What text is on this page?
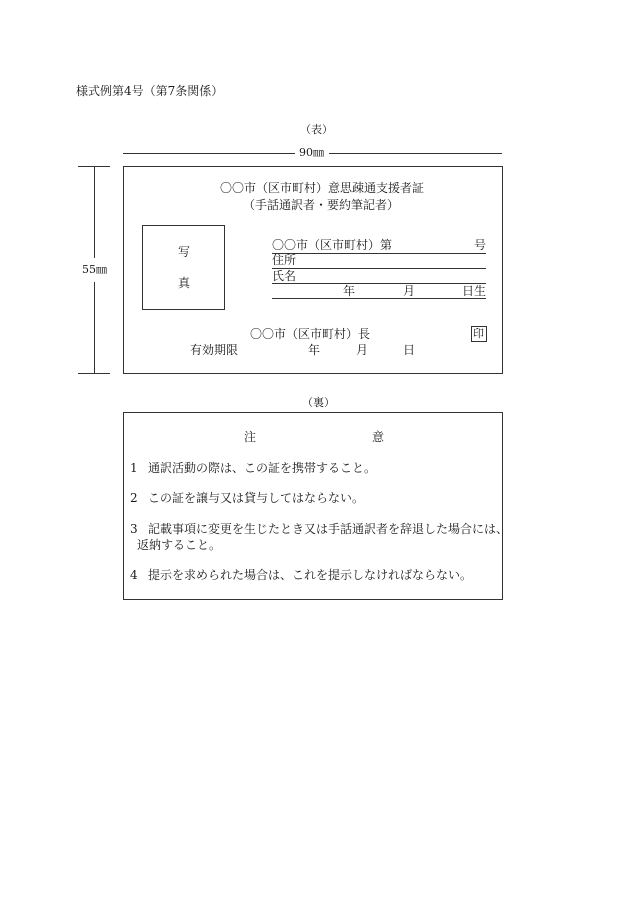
様式例第4号（第7条関係）
（表）
90㎜
55㎜
〇〇市（区市町村）意思疎通支援者証
（手話通訳者・要約筆記者）
写
真
〇〇市（区市町村）第	号
住所
氏名
年	月	日生
〇〇市（区市町村）長	印
有効期限	年	月	日
（裏）
注	意
1 通訳活動の際は、この証を携帯すること。
2 この証を譲与又は貸与してはならない。
3 記載事項に変更を生じたとき又は手話通訳者を辞退した場合には、
返納すること。
4 提示を求められた場合は、これを提示しなければならない。
